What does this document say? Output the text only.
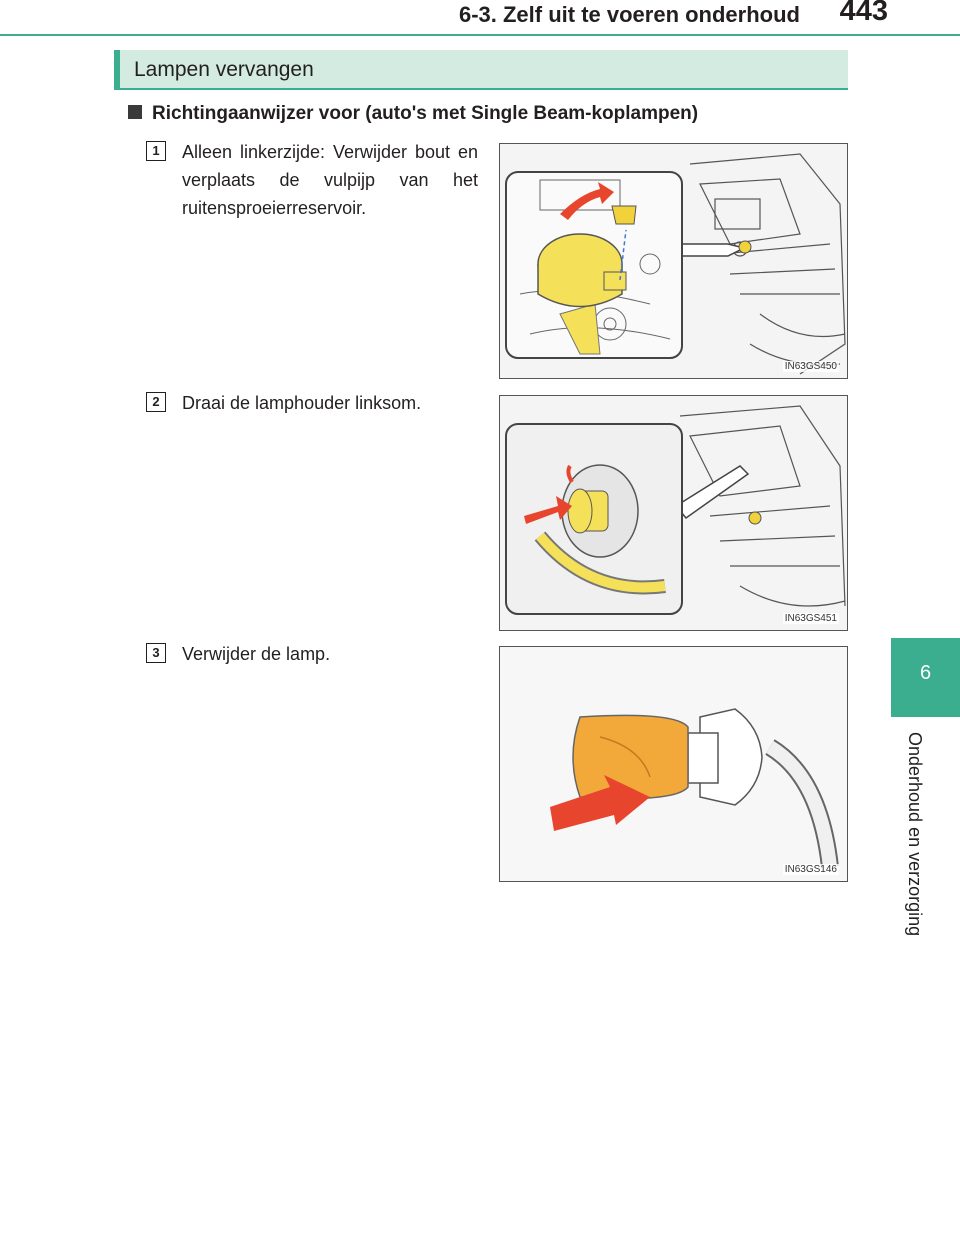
6-3. Zelf uit te voeren onderhoud	443
6
Onderhoud en verzorging
Lampen vervangen
Richtingaanwijzer voor (auto's met Single Beam-koplampen)
1	Alleen linkerzijde: Verwijder bout en verplaats de vulpijp van het ruitensproeierreservoir.
IN63GS450
2	Draai de lamphouder linksom.
IN63GS451
3	Verwijder de lamp.
IN63GS146
